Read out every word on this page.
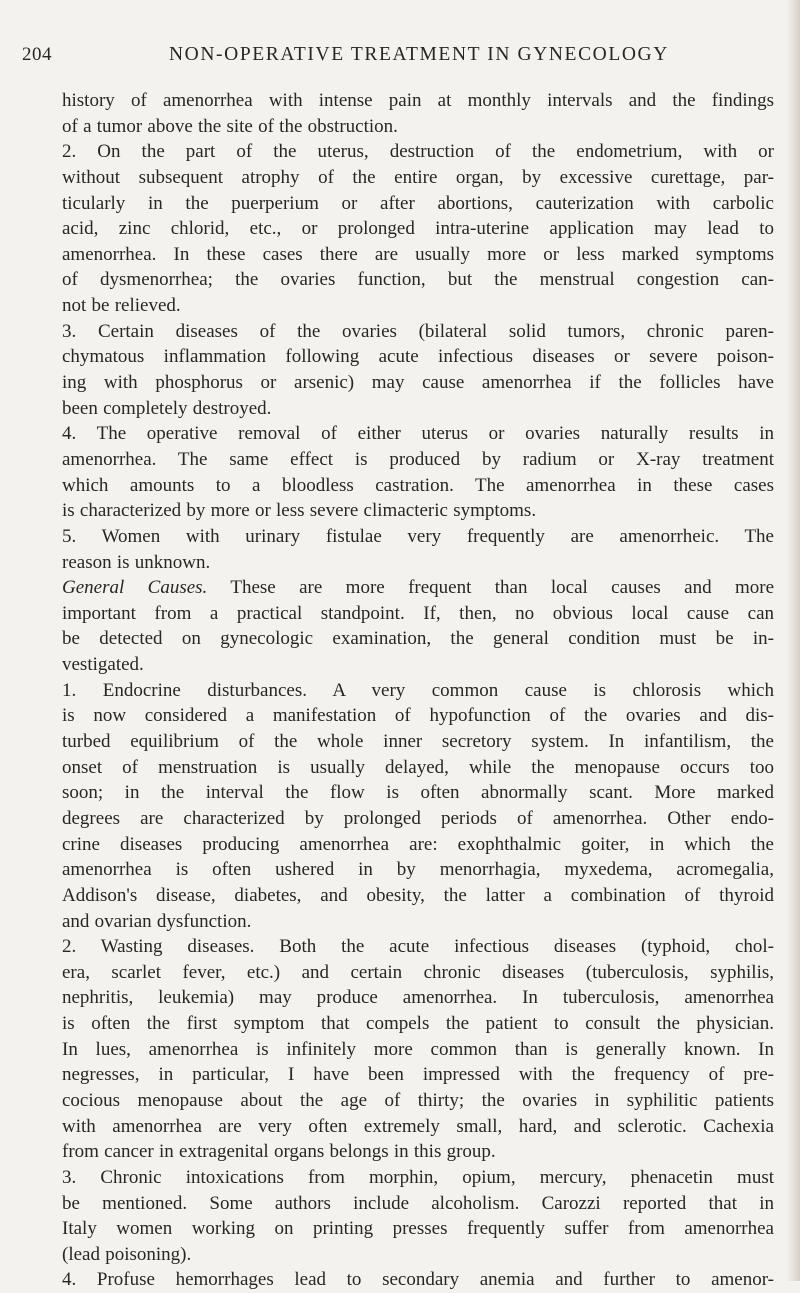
204	NON-OPERATIVE TREATMENT IN GYNECOLOGY
history of amenorrhea with intense pain at monthly intervals and the findings
of a tumor above the site of the obstruction.
2. On the part of the uterus, destruction of the endometrium, with or
without subsequent atrophy of the entire organ, by excessive curettage, par-
ticularly in the puerperium or after abortions, cauterization with carbolic
acid, zinc chlorid, etc., or prolonged intra-uterine application may lead to
amenorrhea. In these cases there are usually more or less marked symptoms
of dysmenorrhea; the ovaries function, but the menstrual congestion can-
not be relieved.
3. Certain diseases of the ovaries (bilateral solid tumors, chronic paren-
chymatous inflammation following acute infectious diseases or severe poison-
ing with phosphorus or arsenic) may cause amenorrhea if the follicles have
been completely destroyed.
4. The operative removal of either uterus or ovaries naturally results in
amenorrhea. The same effect is produced by radium or X-ray treatment
which amounts to a bloodless castration. The amenorrhea in these cases
is characterized by more or less severe climacteric symptoms.
5. Women with urinary fistulae very frequently are amenorrheic. The
reason is unknown.
General Causes. These are more frequent than local causes and more
important from a practical standpoint. If, then, no obvious local cause can
be detected on gynecologic examination, the general condition must be in-
vestigated.
1. Endocrine disturbances. A very common cause is chlorosis which
is now considered a manifestation of hypofunction of the ovaries and dis-
turbed equilibrium of the whole inner secretory system. In infantilism, the
onset of menstruation is usually delayed, while the menopause occurs too
soon; in the interval the flow is often abnormally scant. More marked
degrees are characterized by prolonged periods of amenorrhea. Other endo-
crine diseases producing amenorrhea are: exophthalmic goiter, in which the
amenorrhea is often ushered in by menorrhagia, myxedema, acromegalia,
Addison's disease, diabetes, and obesity, the latter a combination of thyroid
and ovarian dysfunction.
2. Wasting diseases. Both the acute infectious diseases (typhoid, chol-
era, scarlet fever, etc.) and certain chronic diseases (tuberculosis, syphilis,
nephritis, leukemia) may produce amenorrhea. In tuberculosis, amenorrhea
is often the first symptom that compels the patient to consult the physician.
In lues, amenorrhea is infinitely more common than is generally known. In
negresses, in particular, I have been impressed with the frequency of pre-
cocious menopause about the age of thirty; the ovaries in syphilitic patients
with amenorrhea are very often extremely small, hard, and sclerotic. Cachexia
from cancer in extragenital organs belongs in this group.
3. Chronic intoxications from morphin, opium, mercury, phenacetin must
be mentioned. Some authors include alcoholism. Carozzi reported that in
Italy women working on printing presses frequently suffer from amenorrhea
(lead poisoning).
4. Profuse hemorrhages lead to secondary anemia and further to amenor-
